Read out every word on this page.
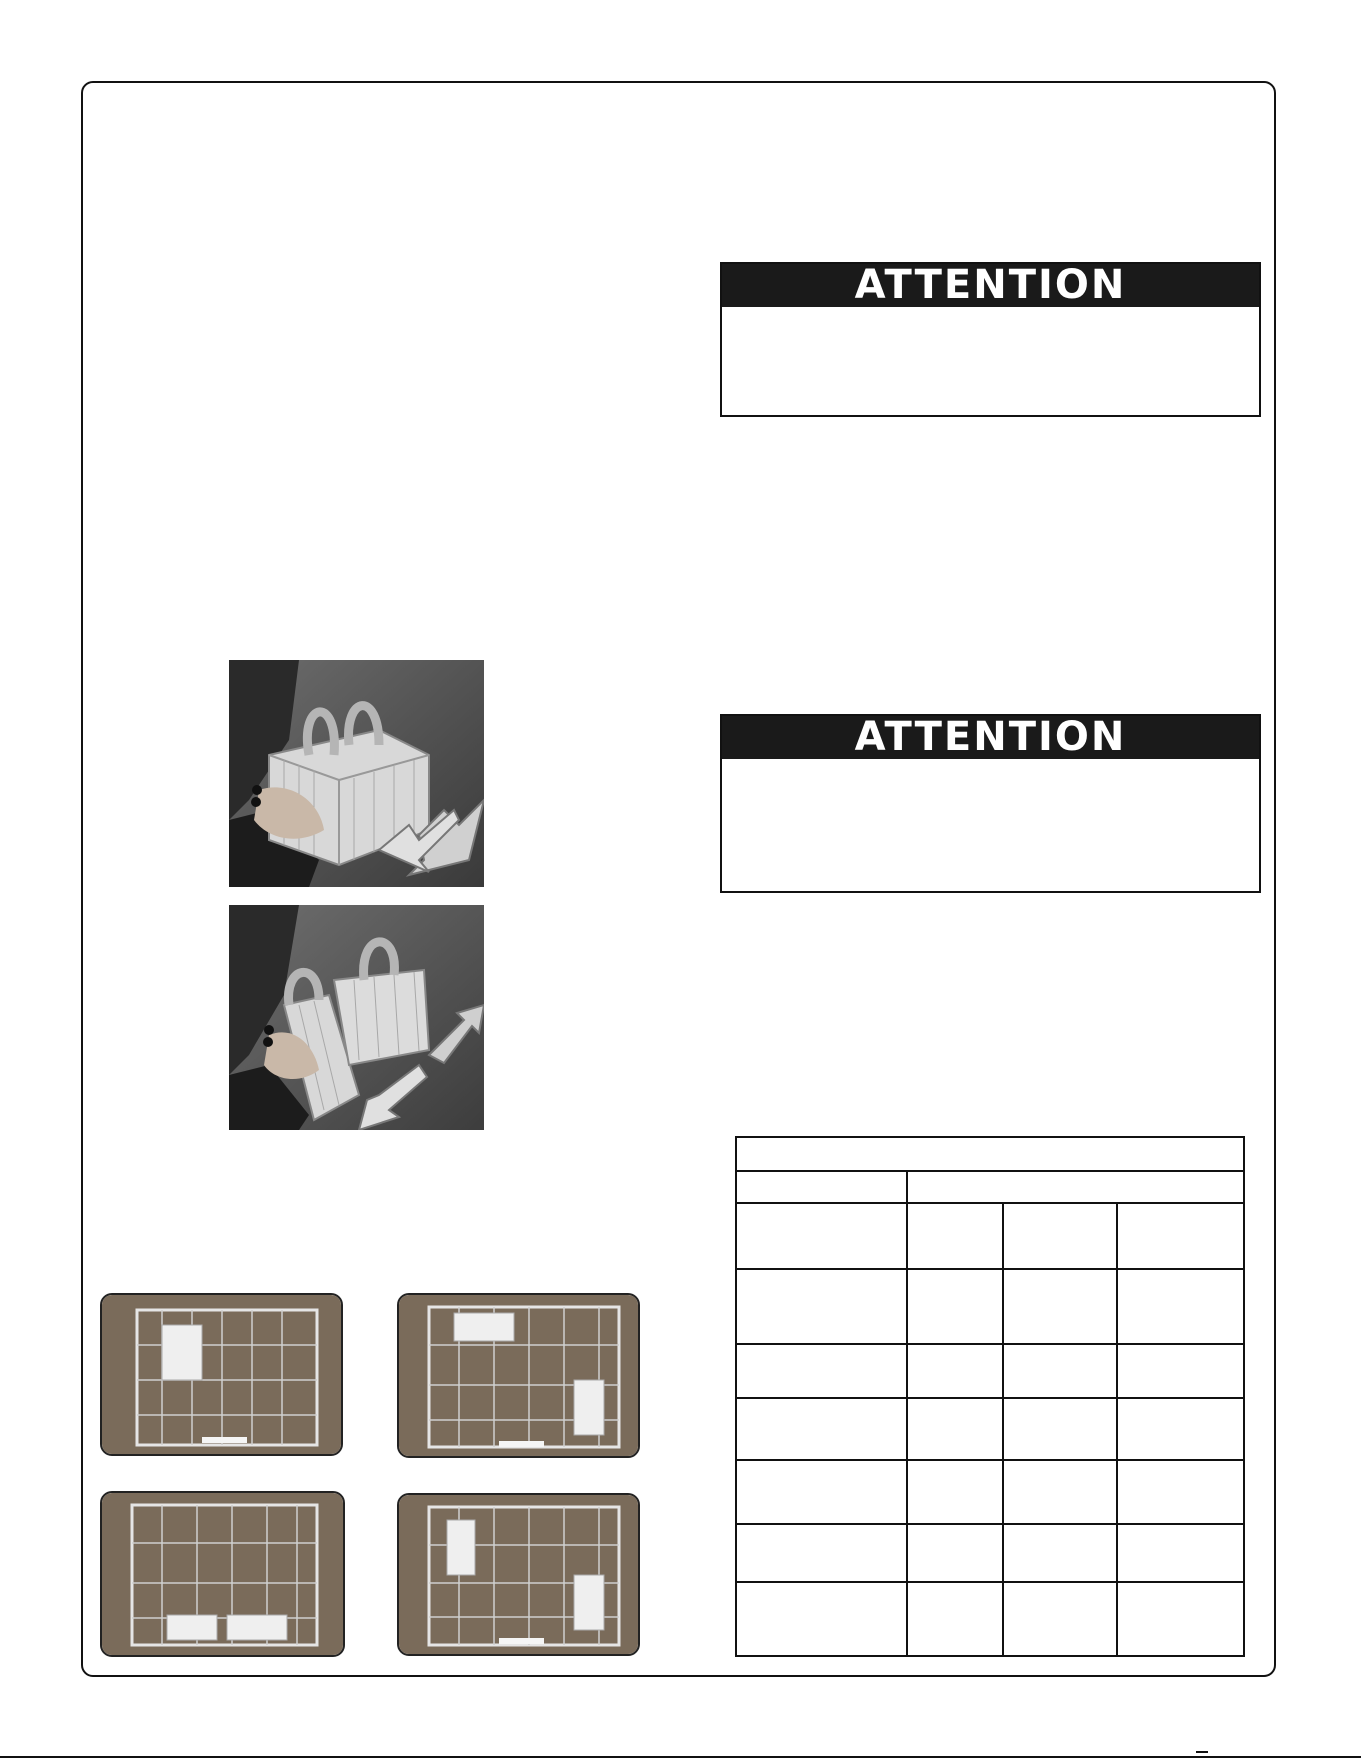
ATTENTION
ATTENTION
